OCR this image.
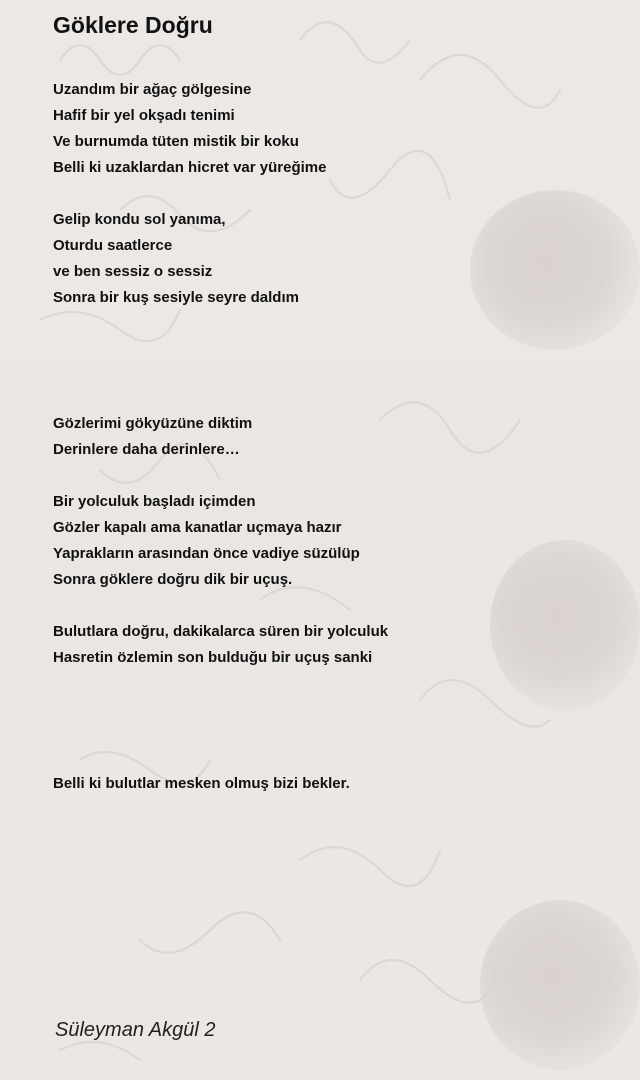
Göklere Doğru
Uzandım bir ağaç gölgesine
Hafif bir yel okşadı tenimi
Ve burnumda tüten mistik bir koku
Belli ki uzaklardan hicret var yüreğime
Gelip kondu sol yanıma,
Oturdu saatlerce
ve ben sessiz o sessiz
Sonra bir kuş sesiyle seyre daldım
Gözlerimi gökyüzüne diktim
Derinlere daha derinlere…
Bir yolculuk başladı içimden
Gözler kapalı ama kanatlar uçmaya hazır
Yaprakların arasından önce vadiye süzülüp
Sonra göklere doğru dik bir uçuş.
Bulutlara doğru, dakikalarca süren bir yolculuk
Hasretin özlemin son bulduğu bir uçuş sanki
Belli ki bulutlar mesken olmuş bizi bekler.
Süleyman Akgül 2
